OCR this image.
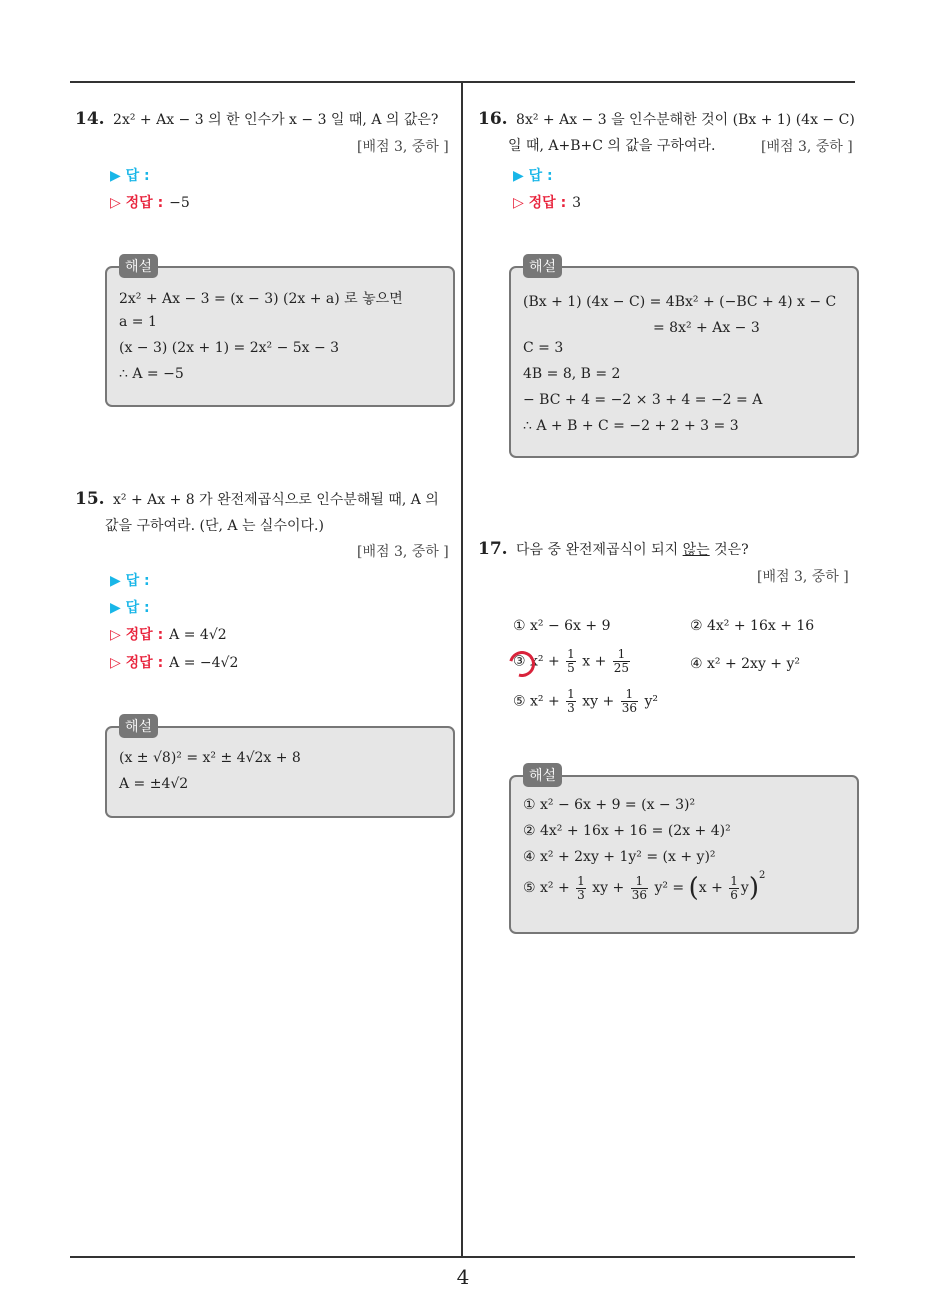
14. 2x² + Ax − 3 의 한 인수가 x − 3 일 때, A 의 값은?
[배점 3, 중하 ]
▶ 답 :
▷ 정답 : −5
해설
2x² + Ax − 3 = (x − 3) (2x + a) 로 놓으면
a = 1
(x − 3) (2x + 1) = 2x² − 5x − 3
∴ A = −5
15. x² + Ax + 8 가 완전제곱식으로 인수분해될 때, A 의
값을 구하여라. (단, A 는 실수이다.)
[배점 3, 중하 ]
▶ 답 :
▶ 답 :
▷ 정답 : A = 4√2
▷ 정답 : A = −4√2
해설
(x ± √8)² = x² ± 4√2x + 8
A = ±4√2
16. 8x² + Ax − 3 을 인수분해한 것이 (Bx + 1) (4x − C)
일 때, A+B+C 의 값을 구하여라.	[배점 3, 중하 ]
▶ 답 :
▷ 정답 : 3
해설
(Bx + 1) (4x − C) = 4Bx² + (−BC + 4) x − C
= 8x² + Ax − 3
C = 3
4B = 8, B = 2
− BC + 4 = −2 × 3 + 4 = −2 = A
∴ A + B + C = −2 + 2 + 3 = 3
17. 다음 중 완전제곱식이 되지 않는 것은?
[배점 3, 중하 ]
① x² − 6x + 9	② 4x² + 16x + 16
③ $x^2 + \frac{1}{5}$ $x + \frac{1}{25}$	④ x² + 2xy + y²
⑤ $x^2 + \frac{1}{3}$ xy + $\frac{1}{36} y^2$
해설
① x² − 6x + 9 = (x − 3)²
② 4x² + 16x + 16 = (2x + 4)²
④ x² + 2xy + 1y² = (x + y)²
⑤ $x^2 + \frac{1}{3}$ xy + $\frac{1}{36} y^2 = (x + \frac{1}{6} y)^2$
4
